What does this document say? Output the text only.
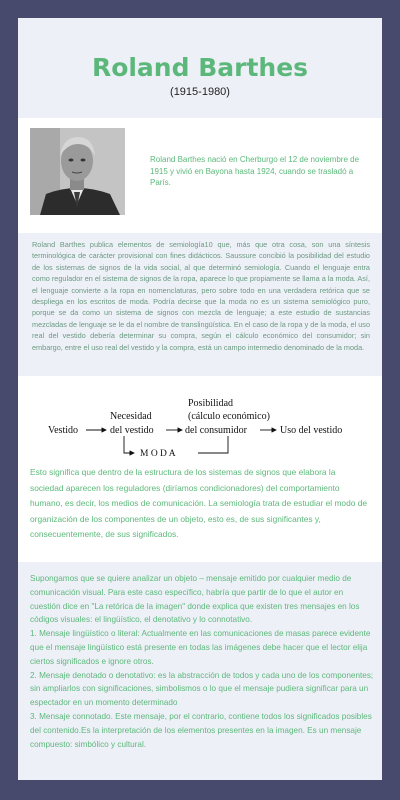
Roland Barthes
(1915-1980)

Roland Barthes nació en Cherburgo el 12 de noviembre de 1915 y vivió en Bayona hasta 1924, cuando se trasladó a París.

Roland Barthes publica elementos de semiología10 que, más que otra cosa, son una síntesis terminológica de carácter provisional con fines didácticos. Saussure concibió la posibilidad del estudio de los sistemas de signos de la vida social, al que determinó semiología. Cuando el lenguaje entra como regulador en el sistema de signos de la ropa, aparece lo que propiamente se llama a la moda. Así, el lenguaje convierte a la ropa en nomenclaturas, pero sobre todo en una verdadera retórica que se despliega en los escritos de moda. Podría decirse que la moda no es un sistema semiológico puro, porque se da como un sistema de signos con mezcla de lenguaje; a este estudio de sustancias mezcladas de lenguaje se le da el nombre de translingüística. En el caso de la ropa y de la moda, el uso real del vestido debería determinar su compra, según el cálculo económico del consumidor; sin embargo, entre el uso real del vestido y la compra, está un campo intermedio denominado de la moda.

Vestido
Necesidad
del vestido
Posibilidad
(cálculo económico)
del consumidor	Uso del vestido
M O D A

Esto significa que dentro de la estructura de los sistemas de signos que elabora la sociedad aparecen los reguladores (diríamos condicionadores) del comportamiento humano, es decir, los medios de comunicación. La semiología trata de estudiar el modo de organización de los componentes de un objeto, esto es, de sus significantes y, consecuentemente, de sus significados.

Supongamos que se quiere analizar un objeto – mensaje emitido por cualquier medio de comunicación visual. Para este caso específico, habría que partir de lo que el autor en cuestión dice en "La retórica de la imagen" donde explica que existen tres mensajes en los códigos visuales: el lingüístico, el denotativo y lo connotativo.
1. Mensaje lingüístico o literal: Actualmente en las comunicaciones de masas parece evidente que el mensaje lingüístico está presente en todas las imágenes debe hacer que el lector elija ciertos significados e ignore otros.
2. Mensaje denotado o denotativo: es la abstracción de todos y cada uno de los componentes; sin ampliarlos con significaciones, simbolismos o lo que el mensaje pudiera significar para un espectador en un momento determinado
3. Mensaje connotado. Este mensaje, por el contrario, contiene todos los significados posibles del contenido.Es la interpretación de los elementos presentes en la imagen. Es un mensaje compuesto: simbólico y cultural.
